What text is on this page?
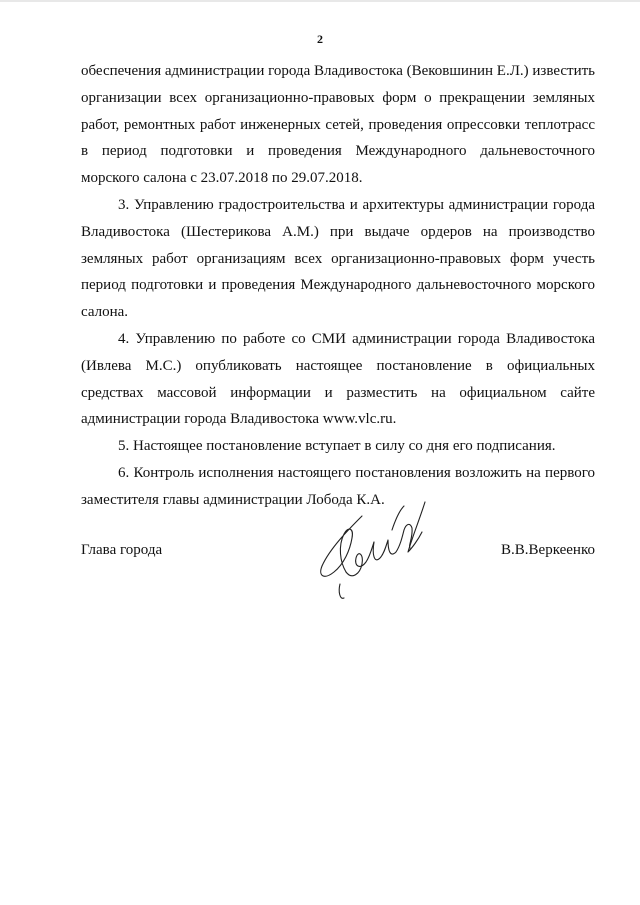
2

обеспечения администрации города Владивостока (Вековшинин Е.Л.) известить организации всех организационно-правовых форм о прекращении земляных работ, ремонтных работ инженерных сетей, проведения опрессовки теплотрасс в период подготовки и проведения Международного дальневосточного морского салона с 23.07.2018 по 29.07.2018.

3. Управлению градостроительства и архитектуры администрации города Владивостока (Шестерикова А.М.) при выдаче ордеров на производство земляных работ организациям всех организационно-правовых форм учесть период подготовки и проведения Международного дальневосточного морского салона.

4. Управлению по работе со СМИ администрации города Владивостока (Ивлева М.С.) опубликовать настоящее постановление в официальных средствах массовой информации и разместить на официальном сайте администрации города Владивостока www.vlc.ru.

5. Настоящее постановление вступает в силу со дня его подписания.

6. Контроль исполнения настоящего постановления возложить на первого заместителя главы администрации Лобода К.А.

Глава города	В.В.Веркеенко
